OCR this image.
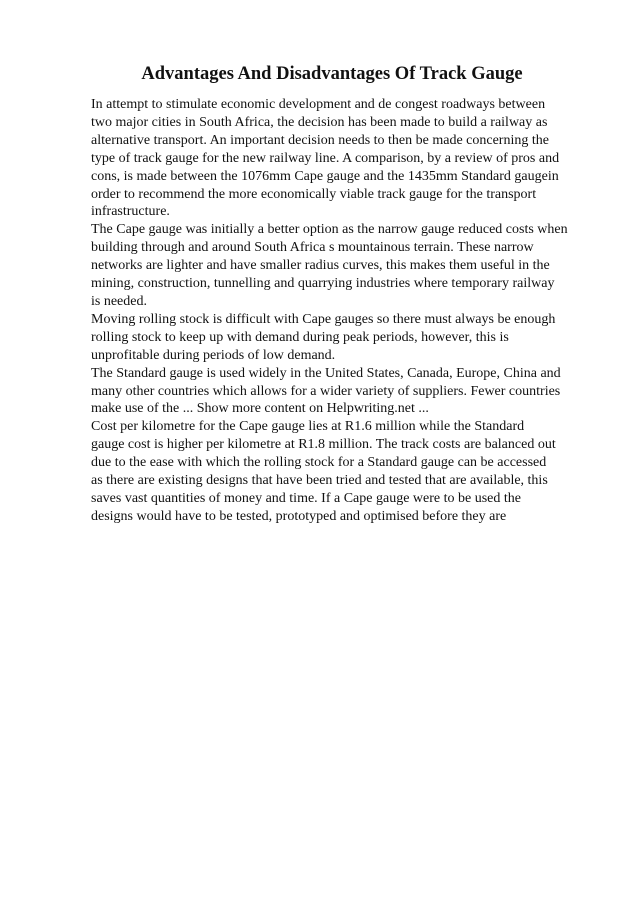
Advantages And Disadvantages Of Track Gauge
In attempt to stimulate economic development and de congest roadways between
two major cities in South Africa, the decision has been made to build a railway as
alternative transport. An important decision needs to then be made concerning the
type of track gauge for the new railway line. A comparison, by a review of pros and
cons, is made between the 1076mm Cape gauge and the 1435mm Standard gaugein
order to recommend the more economically viable track gauge for the transport
infrastructure.
The Cape gauge was initially a better option as the narrow gauge reduced costs when
building through and around South Africa s mountainous terrain. These narrow
networks are lighter and have smaller radius curves, this makes them useful in the
mining, construction, tunnelling and quarrying industries where temporary railway
is needed.
Moving rolling stock is difficult with Cape gauges so there must always be enough
rolling stock to keep up with demand during peak periods, however, this is
unprofitable during periods of low demand.
The Standard gauge is used widely in the United States, Canada, Europe, China and
many other countries which allows for a wider variety of suppliers. Fewer countries
make use of the ... Show more content on Helpwriting.net ...
Cost per kilometre for the Cape gauge lies at R1.6 million while the Standard
gauge cost is higher per kilometre at R1.8 million. The track costs are balanced out
due to the ease with which the rolling stock for a Standard gauge can be accessed
as there are existing designs that have been tried and tested that are available, this
saves vast quantities of money and time. If a Cape gauge were to be used the
designs would have to be tested, prototyped and optimised before they are
